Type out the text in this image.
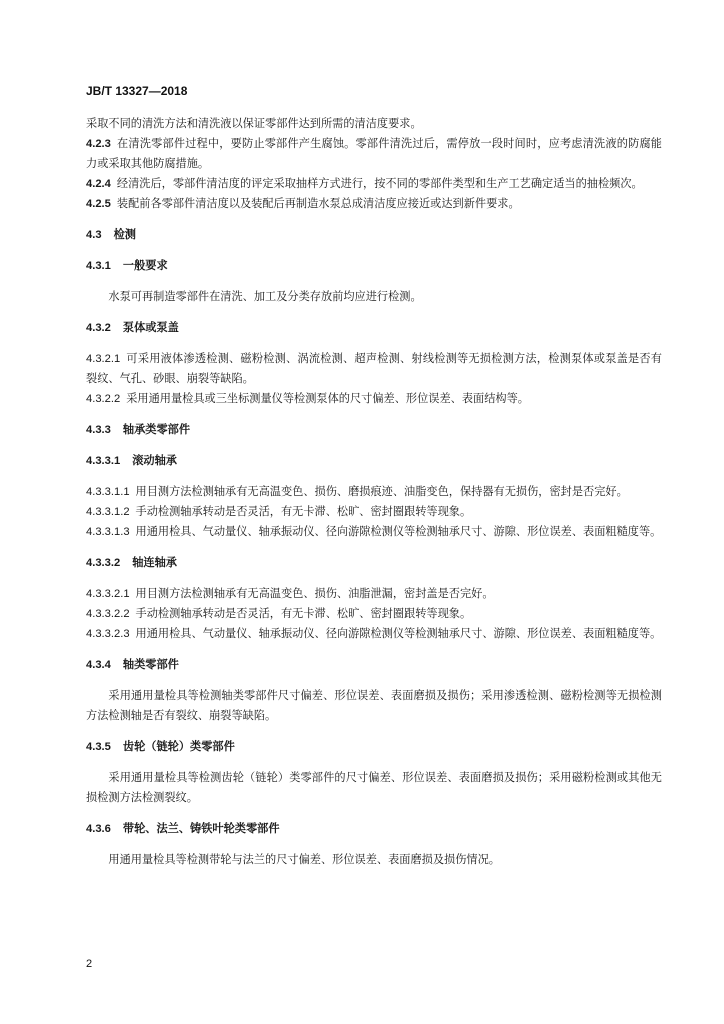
JB/T 13327—2018

采取不同的清洗方法和清洗液以保证零部件达到所需的清洁度要求。

4.2.3 在清洗零部件过程中，要防止零部件产生腐蚀。零部件清洗过后，需停放一段时间时，应考虑清洗液的防腐能力或采取其他防腐措施。

4.2.4 经清洗后，零部件清洁度的评定采取抽样方式进行，按不同的零部件类型和生产工艺确定适当的抽检频次。

4.2.5 装配前各零部件清洁度以及装配后再制造水泵总成清洁度应接近或达到新件要求。

4.3 检测

4.3.1 一般要求

水泵可再制造零部件在清洗、加工及分类存放前均应进行检测。

4.3.2 泵体或泵盖

4.3.2.1 可采用液体渗透检测、磁粉检测、涡流检测、超声检测、射线检测等无损检测方法，检测泵体或泵盖是否有裂纹、气孔、砂眼、崩裂等缺陷。

4.3.2.2 采用通用量检具或三坐标测量仪等检测泵体的尺寸偏差、形位误差、表面结构等。

4.3.3 轴承类零部件

4.3.3.1 滚动轴承

4.3.3.1.1 用目测方法检测轴承有无高温变色、损伤、磨损痕迹、油脂变色，保持器有无损伤，密封是否完好。

4.3.3.1.2 手动检测轴承转动是否灵活，有无卡滞、松旷、密封圈跟转等现象。

4.3.3.1.3 用通用检具、气动量仪、轴承振动仪、径向游隙检测仪等检测轴承尺寸、游隙、形位误差、表面粗糙度等。

4.3.3.2 轴连轴承

4.3.3.2.1 用目测方法检测轴承有无高温变色、损伤、油脂泄漏，密封盖是否完好。

4.3.3.2.2 手动检测轴承转动是否灵活，有无卡滞、松旷、密封圈跟转等现象。

4.3.3.2.3 用通用检具、气动量仪、轴承振动仪、径向游隙检测仪等检测轴承尺寸、游隙、形位误差、表面粗糙度等。

4.3.4 轴类零部件

采用通用量检具等检测轴类零部件尺寸偏差、形位误差、表面磨损及损伤；采用渗透检测、磁粉检测等无损检测方法检测轴是否有裂纹、崩裂等缺陷。

4.3.5 齿轮（链轮）类零部件

采用通用量检具等检测齿轮（链轮）类零部件的尺寸偏差、形位误差、表面磨损及损伤；采用磁粉检测或其他无损检测方法检测裂纹。

4.3.6 带轮、法兰、铸铁叶轮类零部件

用通用量检具等检测带轮与法兰的尺寸偏差、形位误差、表面磨损及损伤情况。

2
